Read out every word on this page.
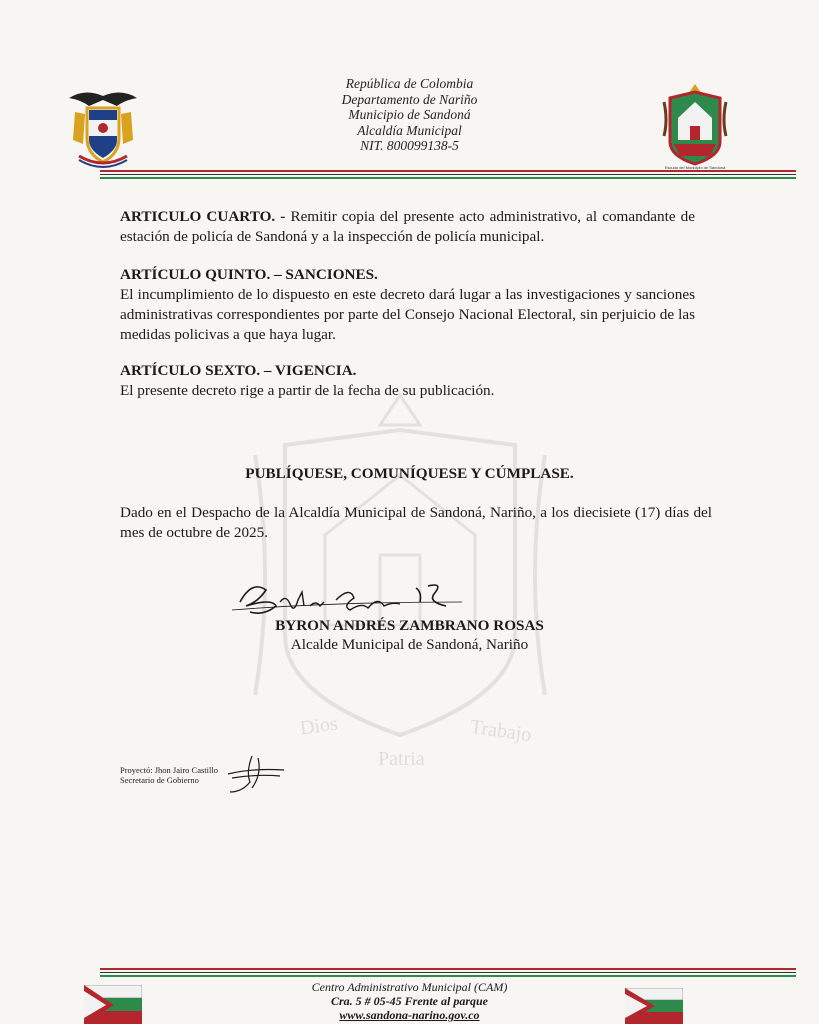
Escudo del Municipio de Sandoná
República de Colombia
Departamento de Nariño
Municipio de Sandoná
Alcaldía Municipal
NIT. 800099138-5
Dios
Patria
Trabajo

ARTICULO CUARTO. - Remitir copia del presente acto administrativo, al comandante de estación de policía de Sandoná y a la inspección de policía municipal.

ARTÍCULO QUINTO. – SANCIONES.
El incumplimiento de lo dispuesto en este decreto dará lugar a las investigaciones y sanciones administrativas correspondientes por parte del Consejo Nacional Electoral, sin perjuicio de las medidas policivas a que haya lugar.
ARTÍCULO SEXTO. – VIGENCIA.
El presente decreto rige a partir de la fecha de su publicación.
PUBLÍQUESE, COMUNÍQUESE Y CÚMPLASE.
Dado en el Despacho de la Alcaldía Municipal de Sandoná, Nariño, a los diecisiete (17) días del mes de octubre de 2025.
BYRON ANDRÉS ZAMBRANO ROSAS
Alcalde Municipal de Sandoná, Nariño
Proyectó: Jhon Jairo Castillo
Secretario de Gobierno
Centro Administrativo Municipal (CAM)
Cra. 5 # 05-45 Frente al parque
www.sandona-narino.gov.co
